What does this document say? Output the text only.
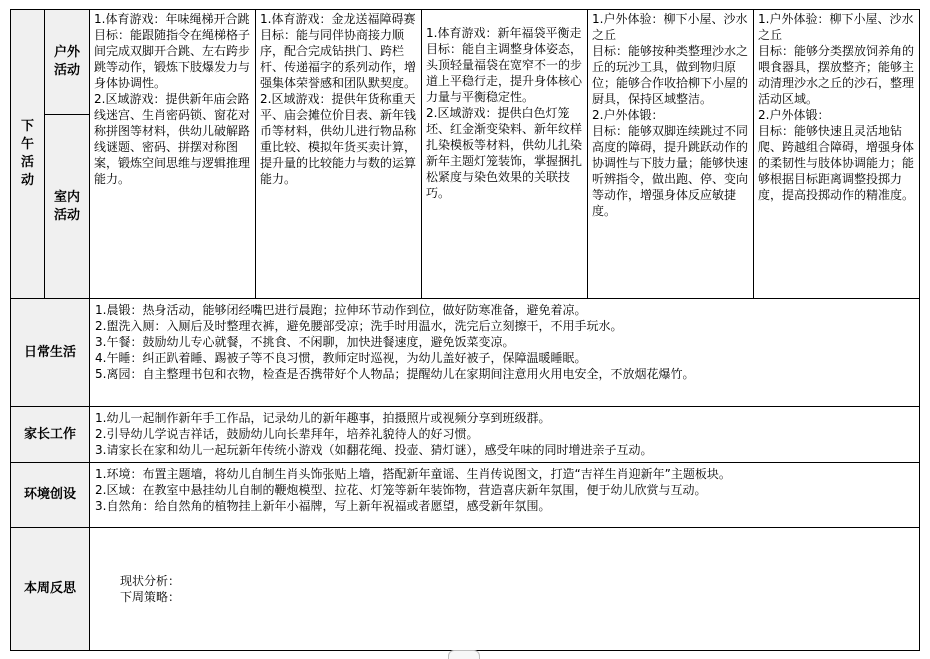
下午活动	户外活动	1.体育游戏：年味绳梯开合跳
目标：能跟随指令在绳梯格子间完成双脚开合跳、左右跨步跳等动作，锻炼下肢爆发力与身体协调性。
2.区域游戏：提供新年庙会路线迷宫、生肖密码锁、窗花对称拼图等材料，供幼儿破解路线谜题、密码、拼摆对称图案，锻炼空间思维与逻辑推理能力。	1.体育游戏：金龙送福障碍赛
目标：能与同伴协商接力顺序，配合完成钻拱门、跨栏杆、传递福字的系列动作，增强集体荣誉感和团队默契度。
2.区域游戏：提供年货称重天平、庙会摊位价目表、新年钱币等材料，供幼儿进行物品称重比较、模拟年货买卖计算，提升量的比较能力与数的运算能力。	1.体育游戏：新年福袋平衡走
目标：能自主调整身体姿态，头顶轻量福袋在宽窄不一的步道上平稳行走，提升身体核心力量与平衡稳定性。
2.区域游戏：提供白色灯笼坯、红金渐变染料、新年纹样扎染模板等材料，供幼儿扎染新年主题灯笼装饰，掌握捆扎松紧度与染色效果的关联技巧。	1.户外体验：柳下小屋、沙水之丘
目标：能够按种类整理沙水之丘的玩沙工具，做到物归原位；能够合作收拾柳下小屋的厨具，保持区域整洁。
2.户外体锻：
目标：能够双脚连续跳过不同高度的障碍，提升跳跃动作的协调性与下肢力量；能够快速听辨指令，做出跑、停、变向等动作，增强身体反应敏捷度。	1.户外体验：柳下小屋、沙水之丘
目标：能够分类摆放饲养角的喂食器具，摆放整齐；能够主动清理沙水之丘的沙石，整理活动区域。
2.户外体锻：
目标：能够快速且灵活地钻爬、跨越组合障碍，增强身体的柔韧性与肢体协调能力；能够根据目标距离调整投掷力度，提高投掷动作的精准度。

	室内活动					

日常生活		1.晨锻：热身活动，能够闭经嘴巴进行晨跑；拉伸环节动作到位，做好防寒准备，避免着凉。
2.盥洗入厕：入厕后及时整理衣裤，避免腰部受凉；洗手时用温水，洗完后立刻擦干，不用手玩水。
3.午餐：鼓励幼儿专心就餐，不挑食、不闲聊，加快进餐速度，避免饭菜变凉。
4.午睡：纠正趴着睡、踢被子等不良习惯，教师定时巡视，为幼儿盖好被子，保障温暖睡眠。
5.离园：自主整理书包和衣物，检查是否携带好个人物品；提醒幼儿在家期间注意用火用电安全，不放烟花爆竹。				

家长工作		1.幼儿一起制作新年手工作品，记录幼儿的新年趣事，拍摄照片或视频分享到班级群。
2.引导幼儿学说吉祥话，鼓励幼儿向长辈拜年，培养礼貌待人的好习惯。
3.请家长在家和幼儿一起玩新年传统小游戏（如翻花绳、投壶、猜灯谜），感受年味的同时增进亲子互动。				

环境创设		1.环境：布置主题墙，将幼儿自制生肖头饰张贴上墙，搭配新年童谣、生肖传说图文，打造“吉祥生肖迎新年”主题板块。
2.区域：在教室中悬挂幼儿自制的鞭炮模型、拉花、灯笼等新年装饰物，营造喜庆新年氛围，便于幼儿欣赏与互动。
3.自然角：给自然角的植物挂上新年小福牌，写上新年祝福或者愿望，感受新年氛围。				

本周反思		现状分析：
下周策略：				
